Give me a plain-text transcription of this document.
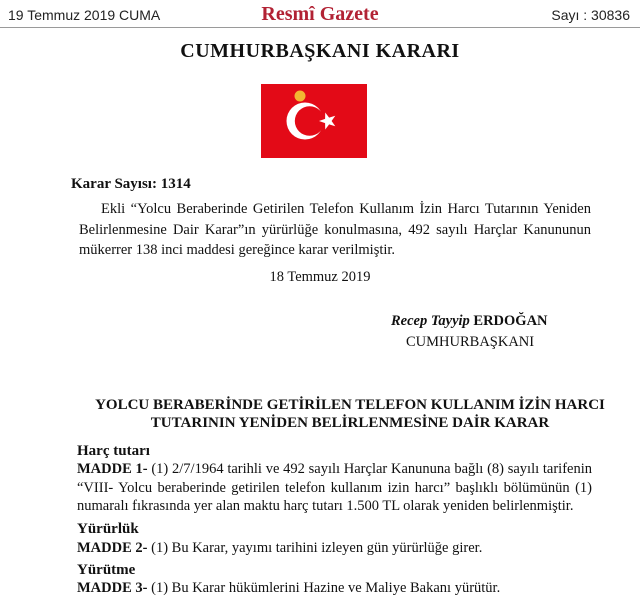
19 Temmuz 2019 CUMA	Resmî Gazete	Sayı : 30836
CUMHURBAŞKANI KARARI
Karar Sayısı: 1314
Ekli “Yolcu Beraberinde Getirilen Telefon Kullanım İzin Harcı Tutarının Yeniden Belirlenmesine Dair Karar”ın yürürlüğe konulmasına, 492 sayılı Harçlar Kanununun mükerrer 138 inci maddesi gereğince karar verilmiştir.
18 Temmuz 2019
Recep Tayyip ERDOĞAN
CUMHURBAŞKANI
YOLCU BERABERİNDE GETİRİLEN TELEFON KULLANIM İZİN HARCI
TUTARININ YENİDEN BELİRLENMESİNE DAİR KARAR
Harç tutarı
MADDE 1- (1) 2/7/1964 tarihli ve 492 sayılı Harçlar Kanununa bağlı (8) sayılı tarifenin “VIII- Yolcu beraberinde getirilen telefon kullanım izin harcı” başlıklı bölümünün (1) numaralı fıkrasında yer alan maktu harç tutarı 1.500 TL olarak yeniden belirlenmiştir.
Yürürlük
MADDE 2- (1) Bu Karar, yayımı tarihini izleyen gün yürürlüğe girer.
Yürütme
MADDE 3- (1) Bu Karar hükümlerini Hazine ve Maliye Bakanı yürütür.
